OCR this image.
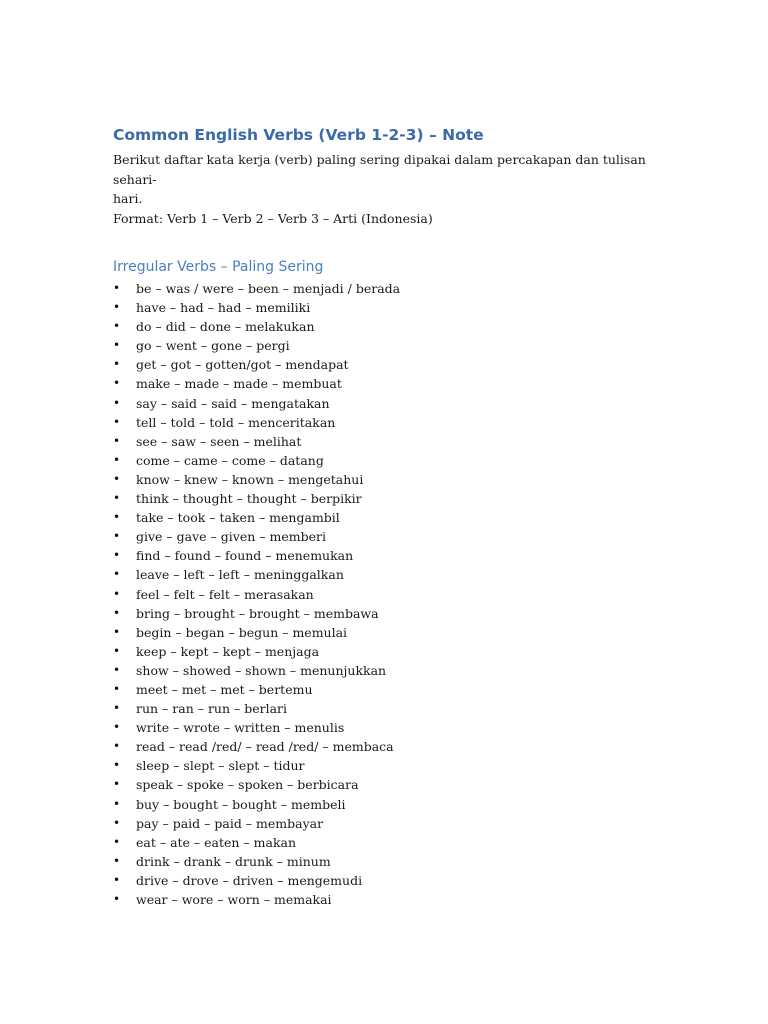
Common English Verbs (Verb 1-2-3) – Note

Berikut daftar kata kerja (verb) paling sering dipakai dalam percakapan dan tulisan sehari-

hari.

Format: Verb 1 – Verb 2 – Verb 3 – Arti (Indonesia)

Irregular Verbs – Paling Sering
• be – was / were – been – menjadi / berada
• have – had – had – memiliki
• do – did – done – melakukan
• go – went – gone – pergi
• get – got – gotten/got – mendapat
• make – made – made – membuat
• say – said – said – mengatakan
• tell – told – told – menceritakan
• see – saw – seen – melihat
• come – came – come – datang
• know – knew – known – mengetahui
• think – thought – thought – berpikir
• take – took – taken – mengambil
• give – gave – given – memberi
• find – found – found – menemukan
• leave – left – left – meninggalkan
• feel – felt – felt – merasakan
• bring – brought – brought – membawa
• begin – began – begun – memulai
• keep – kept – kept – menjaga
• show – showed – shown – menunjukkan
• meet – met – met – bertemu
• run – ran – run – berlari
• write – wrote – written – menulis
• read – read /red/ – read /red/ – membaca
• sleep – slept – slept – tidur
• speak – spoke – spoken – berbicara
• buy – bought – bought – membeli
• pay – paid – paid – membayar
• eat – ate – eaten – makan
• drink – drank – drunk – minum
• drive – drove – driven – mengemudi
• wear – wore – worn – memakai
